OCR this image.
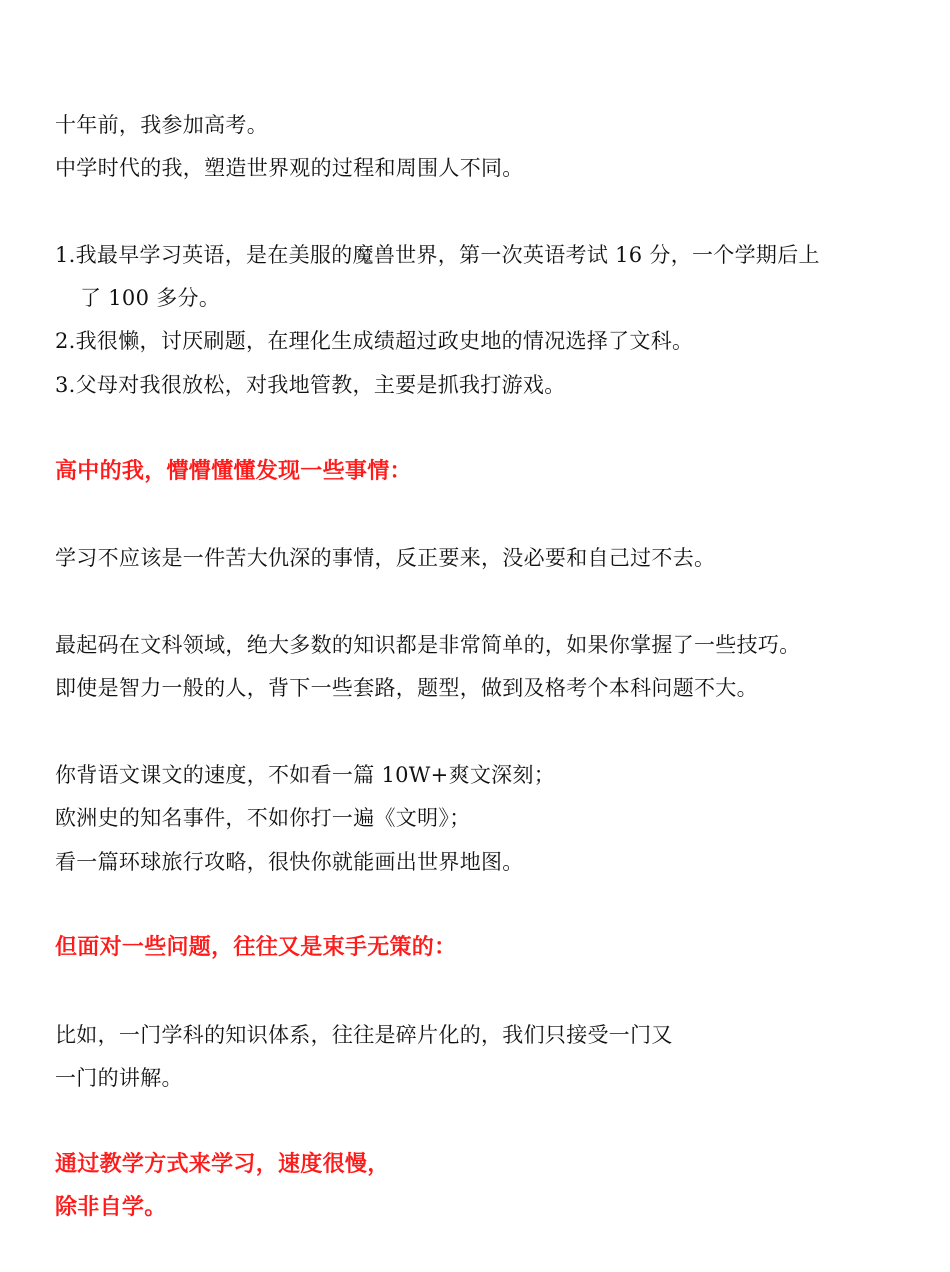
十年前，我参加高考。
中学时代的我，塑造世界观的过程和周围人不同。
1.我最早学习英语，是在美服的魔兽世界，第一次英语考试 16 分，一个学期后上
了 100 多分。
2.我很懒，讨厌刷题，在理化生成绩超过政史地的情况选择了文科。
3.父母对我很放松，对我地管教，主要是抓我打游戏。
高中的我，懵懵懂懂发现一些事情：
学习不应该是一件苦大仇深的事情，反正要来，没必要和自己过不去。
最起码在文科领域，绝大多数的知识都是非常简单的，如果你掌握了一些技巧。
即使是智力一般的人，背下一些套路，题型，做到及格考个本科问题不大。
你背语文课文的速度，不如看一篇 10W+爽文深刻；
欧洲史的知名事件，不如你打一遍《文明》；
看一篇环球旅行攻略，很快你就能画出世界地图。
但面对一些问题，往往又是束手无策的：
比如，一门学科的知识体系，往往是碎片化的，我们只接受一门又
一门的讲解。
通过教学方式来学习，速度很慢，
除非自学。
